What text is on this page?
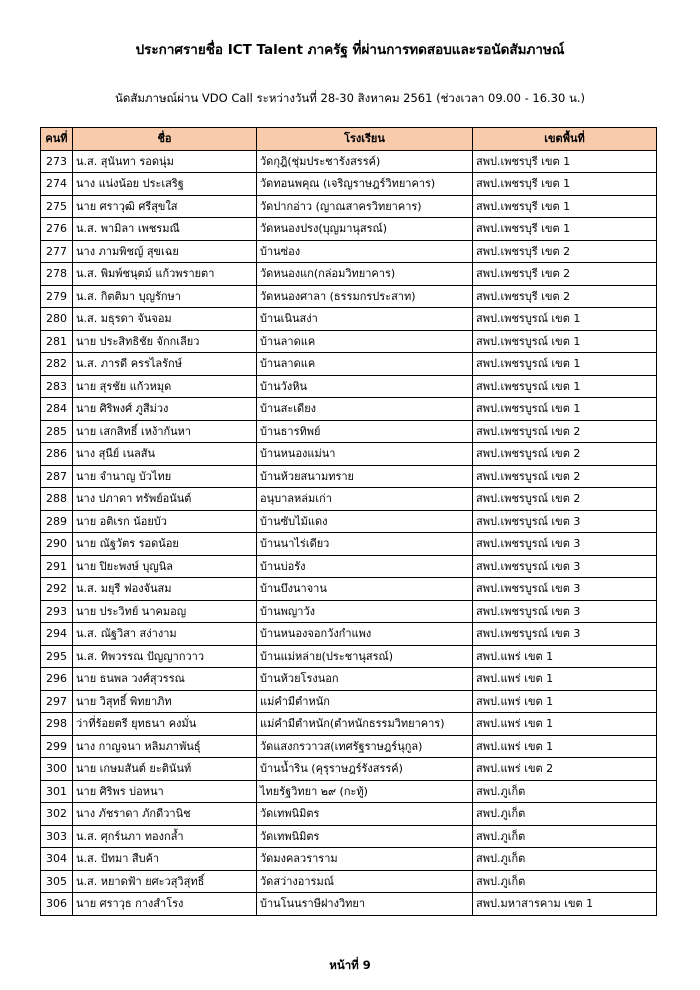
ประกาศรายชื่อ ICT Talent ภาครัฐ ที่ผ่านการทดสอบและรอนัดสัมภาษณ์
นัดสัมภาษณ์ผ่าน VDO Call ระหว่างวันที่ 28-30 สิงหาคม 2561 (ช่วงเวลา 09.00 - 16.30 น.)
คนที่	ชื่อ	โรงเรียน	เขตพื้นที่
273	น.ส. สุนันทา รอดนุ่ม	วัดกุฎิ(ชุ่มประชารังสรรค์)	สพป.เพชรบุรี เขต 1
274	นาง แน่งน้อย ประเสริฐ	วัดทอนพคุณ (เจริญราษฎร์วิทยาคาร)	สพป.เพชรบุรี เขต 1
275	นาย ศราวุฒิ ศรีสุขใส	วัดปากอ่าว (ญาณสาครวิทยาคาร)	สพป.เพชรบุรี เขต 1
276	น.ส. พามิลา เพชรมณี	วัดหนองปรง(บุญมานุสรณ์)	สพป.เพชรบุรี เขต 1
277	นาง ภามพิชญ์ สุขเฉย	บ้านซ่อง	สพป.เพชรบุรี เขต 2
278	น.ส. พิมพ์ชนุตม์ แก้วพรายตา	วัดหนองแก(กล่อมวิทยาคาร)	สพป.เพชรบุรี เขต 2
279	น.ส. กิตติมา บุญรักษา	วัดหนองศาลา (ธรรมกรประสาท)	สพป.เพชรบุรี เขต 2
280	น.ส. มธุรดา จันจอม	บ้านเนินสง่า	สพป.เพชรบูรณ์ เขต 1
281	นาย ประสิทธิชัย จักกเลียว	บ้านลาดแค	สพป.เพชรบูรณ์ เขต 1
282	น.ส. ภารดี ครรไลรักษ์	บ้านลาดแค	สพป.เพชรบูรณ์ เขต 1
283	นาย สุรชัย แก้วหมุด	บ้านวังหิน	สพป.เพชรบูรณ์ เขต 1
284	นาย ศิริพงศ์ ภูสีม่วง	บ้านสะเดียง	สพป.เพชรบูรณ์ เขต 1
285	นาย เสกสิทธิ์ เหง้ากันหา	บ้านธารทิพย์	สพป.เพชรบูรณ์ เขต 2
286	นาง สุนีย์ เนลสัน	บ้านหนองแม่นา	สพป.เพชรบูรณ์ เขต 2
287	นาย จำนาญ บัวไทย	บ้านห้วยสนามทราย	สพป.เพชรบูรณ์ เขต 2
288	นาง ปภาดา ทรัพย์อนันต์	อนุบาลหล่มเก่า	สพป.เพชรบูรณ์ เขต 2
289	นาย อติเรก น้อยบัว	บ้านซับไม้แดง	สพป.เพชรบูรณ์ เขต 3
290	นาย ณัฐวัตร รอดน้อย	บ้านนาไร่เดียว	สพป.เพชรบูรณ์ เขต 3
291	นาย ปิยะพงษ์ บุญนิล	บ้านบ่อรัง	สพป.เพชรบูรณ์ เขต 3
292	น.ส. มยุรี ฟองจันสม	บ้านบึงนาจาน	สพป.เพชรบูรณ์ เขต 3
293	นาย ประวิทย์ นาคมอญ	บ้านพญาวัง	สพป.เพชรบูรณ์ เขต 3
294	น.ส. ณัฐวิสา สง่างาม	บ้านหนองจอกวังกำแพง	สพป.เพชรบูรณ์ เขต 3
295	น.ส. ทิพวรรณ ปัญญากวาว	บ้านแม่หล่าย(ประชานุสรณ์)	สพป.แพร่ เขต 1
296	นาย ธนพล วงศ์สุวรรณ	บ้านห้วยโรงนอก	สพป.แพร่ เขต 1
297	นาย วิสุทธิ์ พิทยาภิท	แม่คำมีตำหนัก	สพป.แพร่ เขต 1
298	ว่าที่ร้อยตรี ยุทธนา คงมั่น	แม่คำมีตำหนัก(ตำหนักธรรมวิทยาคาร)	สพป.แพร่ เขต 1
299	นาง กาญจนา หลิมภาพันธุ์	วัดแสงกรวาวส(เทศรัฐราษฎร์นุกูล)	สพป.แพร่ เขต 1
300	นาย เกษมสันต์ ยะตินันท์	บ้านน้ำริน (คุรุราษฎร์รังสรรค์)	สพป.แพร่ เขต 2
301	นาย ศิริพร บ่อหนา	ไทยรัฐวิทยา ๒๙ (กะทู้)	สพป.ภูเก็ต
302	นาง ภัชราดา ภักดีวานิช	วัดเทพนิมิตร	สพป.ภูเก็ต
303	น.ส. ศุกร์นภา ทองกล้ำ	วัดเทพนิมิตร	สพป.ภูเก็ต
304	น.ส. ปัทมา สืบค้า	วัดมงคลวราราม	สพป.ภูเก็ต
305	น.ส. หยาดฟ้า ยศะวสุวิสุทธิ์	วัดสว่างอารมณ์	สพป.ภูเก็ต
306	นาย ศราวุธ กางสำโรง	บ้านโนนราษีฝางวิทยา	สพป.มหาสารคาม เขต 1
หน้าที่ 9
